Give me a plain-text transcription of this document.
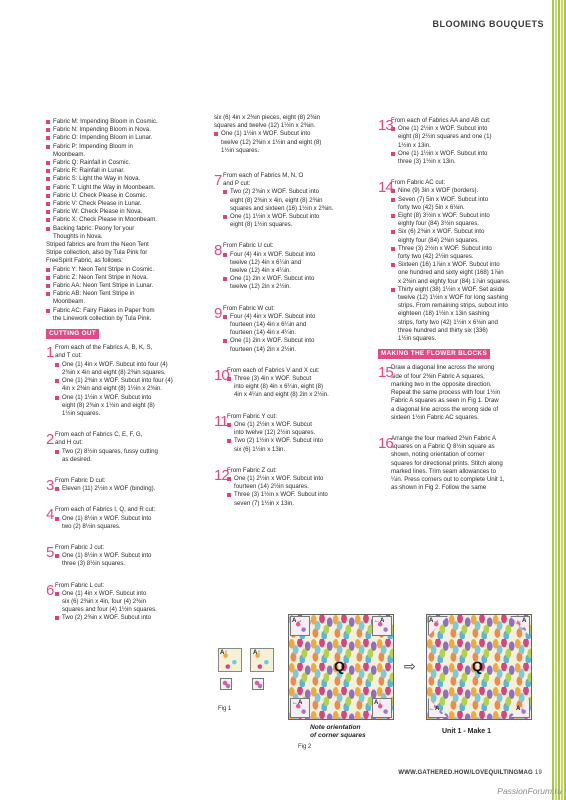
BLOOMING BOUQUETS
Fabric M: Impending Bloom in Cosmic.
Fabric N: Impending Bloom in Nova.
Fabric O: Impending Bloom in Lunar.
Fabric P: Impending Bloom in
Moonbeam.
Fabric Q: Rainfall in Cosmic.
Fabric R: Rainfall in Lunar.
Fabric S: Light the Way in Nova.
Fabric T: Light the Way in Moonbeam.
Fabric U: Check Please in Cosmic.
Fabric V: Check Please in Lunar.
Fabric W: Check Please in Nova.
Fabric X: Check Please in Moonbeam.
Backing fabric: Peony for your
Thoughts in Nova.
Striped fabrics are from the Neon Tent
Stripe collection, also by Tula Pink for
FreeSpirit Fabric, as follows:
Fabric Y: Neon Tent Stripe in Cosmic.
Fabric Z: Neon Tent Stripe in Nova.
Fabric AA: Neon Tent Stripe in Lunar.
Fabric AB: Neon Tent Stripe in
Moonbeam.
Fabric AC: Fairy Flakes in Paper from
the Linework collection by Tula Pink.
CUTTING OUT
1 From each of the Fabrics A, B, K, S,
and T cut:
One (1) 4in x WOF. Subcut into four (4)
2⅜in x 4in and eight (8) 2⅜in squares.
One (1) 2⅜in x WOF. Subcut into four (4)
4in x 2⅜in and eight (8) 1½in x 2⅜in.
One (1) 1½in x WOF. Subcut into
eight (8) 2⅜in x 1½in and eight (8)
1½in squares.
2 From each of Fabrics C, E, F, G,
and H cut:
Two (2) 8½in squares, fussy cutting
as desired.
3 From Fabric D cut:
Eleven (11) 2½in x WOF (binding).
4 From each of Fabrics I, Q, and R cut:
One (1) 8½in x WOF. Subcut into
two (2) 8½in squares.
5 From Fabric J cut:
One (1) 8½in x WOF. Subcut into
three (3) 8½in squares.
6 From Fabric L cut:
One (1) 4in x WOF. Subcut into
six (6) 2⅜in x 4in, four (4) 2⅜in
squares and four (4) 1½in squares.
Two (2) 2⅜in x WOF. Subcut into
six (6) 4in x 2⅜in pieces, eight (8) 2⅜in
squares and twelve (12) 1½in x 2⅜in.
One (1) 1½in x WOF. Subcut into
twelve (12) 2⅜in x 1½in and eight (8)
1½in squares.
7 From each of Fabrics M, N, O
and P cut:
Two (2) 2⅜in x WOF. Subcut into
eight (8) 2⅜in x 4in, eight (8) 2⅜in
squares and sixteen (16) 1½in x 2⅜in.
One (1) 1½in x WOF. Subcut into
eight (8) 1½in squares.
8 From Fabric U cut:
Four (4) 4in x WOF. Subcut into
twelve (12) 4in x 6¼in and
twelve (12) 4in x 4¼in.
One (1) 2in x WOF. Subcut into
twelve (12) 2in x 2½in.
9 From Fabric W cut:
Four (4) 4in x WOF. Subcut into
fourteen (14) 4in x 6¼in and
fourteen (14) 4in x 4¼in.
One (1) 2in x WOF. Subcut into
fourteen (14) 2in x 2½in.
10
From each of Fabrics V and X cut:
Three (3) 4in x WOF. Subcut
into eight (8) 4in x 6¼in, eight (8)
4in x 4¼in and eight (8) 2in x 2½in.
11 From Fabric Y cut:
One (1) 2½in x WOF. Subcut
into twelve (12) 2½in squares.
Two (2) 1½in x WOF. Subcut into
six (6) 1½in x 13in.
12
From Fabric Z cut:
One (1) 2½in x WOF. Subcut into
fourteen (14) 2½in squares.
Three (3) 1½in x WOF. Subcut into
seven (7) 1½in x 13in.
13
From each of Fabrics AA and AB cut:
One (1) 2½in x WOF. Subcut into
eight (8) 2½in squares and one (1)
1½in x 13in.
One (1) 1½in x WOF. Subcut into
three (3) 1½in x 13in.
14
From Fabric AC cut:
Nine (9) 3in x WOF (borders).
Seven (7) 5in x WOF. Subcut into
forty two (42) 5in x 6⅛in.
Eight (8) 3½in x WOF. Subcut into
eighty four (84) 3½in squares.
Six (6) 2⅜in x WOF. Subcut into
eighty four (84) 2⅜in squares.
Three (3) 2½in x WOF. Subcut into
forty two (42) 2½in squares.
Sixteen (16) 1⅞in x WOF. Subcut into
one hundred and sixty eight (168) 1⅞in
x 2⅜in and eighty four (84) 1⅞in squares.
Thirty eight (38) 1½in x WOF. Set aside
twelve (12) 1½in x WOF for long sashing
strips. From remaining strips, subcut into
eighteen (18) 1½in x 13in sashing
strips, forty two (42) 1½in x 6⅛in and
three hundred and thirty six (336)
1½in squares.
MAKING THE FLOWER BLOCKS
15
Draw a diagonal line across the wrong
side of four 2⅜in Fabric A squares,
marking two in the opposite direction.
Repeat the same process with four 1½in
Fabric A squares as seen in Fig 1. Draw
a diagonal line across the wrong side of
sixteen 1½in Fabric AC squares.
16
Arrange the four marked 2⅜in Fabric A
squares on a Fabric Q 8½in square as
shown, noting orientation of corner
squares for directional prints. Stitch along
marked lines. Trim seam allowances to
¼in. Press corners out to complete Unit 1,
as shown in Fig 2. Follow the same
A↑	A↑
Fig 1
A→	←A
←A	A↓
Q	⇨
A→	←A
←A	A↓
Q
Note orientation
of corner squares
Fig 2
Unit 1 - Make 1
WWW.GATHERED.HOW/LOVEQUILTINGMAG 19
PassionForum.ru
